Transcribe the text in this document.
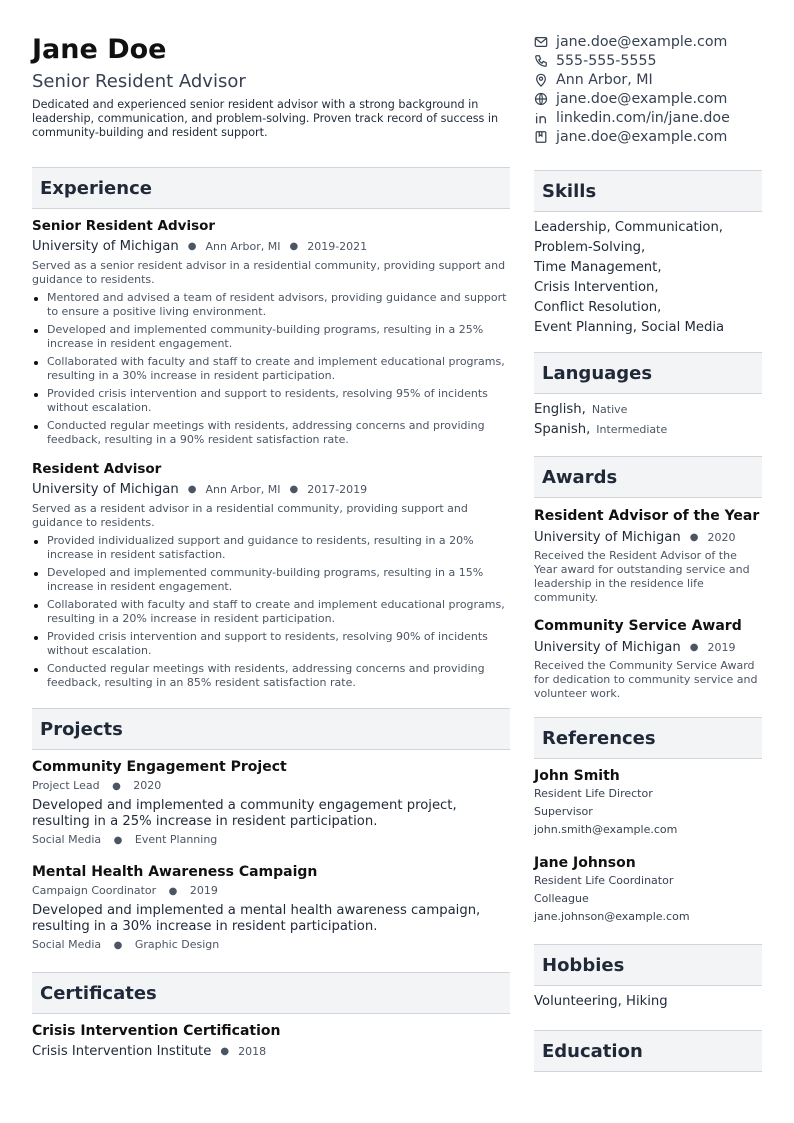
Jane Doe
Senior Resident Advisor
Dedicated and experienced senior resident advisor with a strong background in leadership, communication, and problem-solving. Proven track record of success in community-building and resident support.
Experience
Senior Resident Advisor
University of Michigan ● Ann Arbor, MI ● 2019-2021
Served as a senior resident advisor in a residential community, providing support and guidance to residents.
Mentored and advised a team of resident advisors, providing guidance and support to ensure a positive living environment.
Developed and implemented community-building programs, resulting in a 25% increase in resident engagement.
Collaborated with faculty and staff to create and implement educational programs, resulting in a 30% increase in resident participation.
Provided crisis intervention and support to residents, resolving 95% of incidents without escalation.
Conducted regular meetings with residents, addressing concerns and providing feedback, resulting in a 90% resident satisfaction rate.
Resident Advisor
University of Michigan ● Ann Arbor, MI ● 2017-2019
Served as a resident advisor in a residential community, providing support and guidance to residents.
Provided individualized support and guidance to residents, resulting in a 20% increase in resident satisfaction.
Developed and implemented community-building programs, resulting in a 15% increase in resident engagement.
Collaborated with faculty and staff to create and implement educational programs, resulting in a 20% increase in resident participation.
Provided crisis intervention and support to residents, resolving 90% of incidents without escalation.
Conducted regular meetings with residents, addressing concerns and providing feedback, resulting in an 85% resident satisfaction rate.
Projects
Community Engagement Project
Project Lead ● 2020
Developed and implemented a community engagement project, resulting in a 25% increase in resident participation.
Social Media ● Event Planning
Mental Health Awareness Campaign
Campaign Coordinator ● 2019
Developed and implemented a mental health awareness campaign, resulting in a 30% increase in resident participation.
Social Media ● Graphic Design
Certificates
Crisis Intervention Certification
Crisis Intervention Institute ● 2018
jane.doe@example.com
555-555-5555
Ann Arbor, MI
jane.doe@example.com
linkedin.com/in/jane.doe
jane.doe@example.com
Skills
Leadership, Communication,
Problem-Solving,
Time Management,
Crisis Intervention,
Conflict Resolution,
Event Planning, Social Media
Languages
English, Native
Spanish, Intermediate
Awards
Resident Advisor of the Year
University of Michigan ● 2020
Received the Resident Advisor of the Year award for outstanding service and leadership in the residence life community.
Community Service Award
University of Michigan ● 2019
Received the Community Service Award for dedication to community service and volunteer work.
References
John Smith
Resident Life Director
Supervisor
john.smith@example.com
Jane Johnson
Resident Life Coordinator
Colleague
jane.johnson@example.com
Hobbies
Volunteering, Hiking
Education
